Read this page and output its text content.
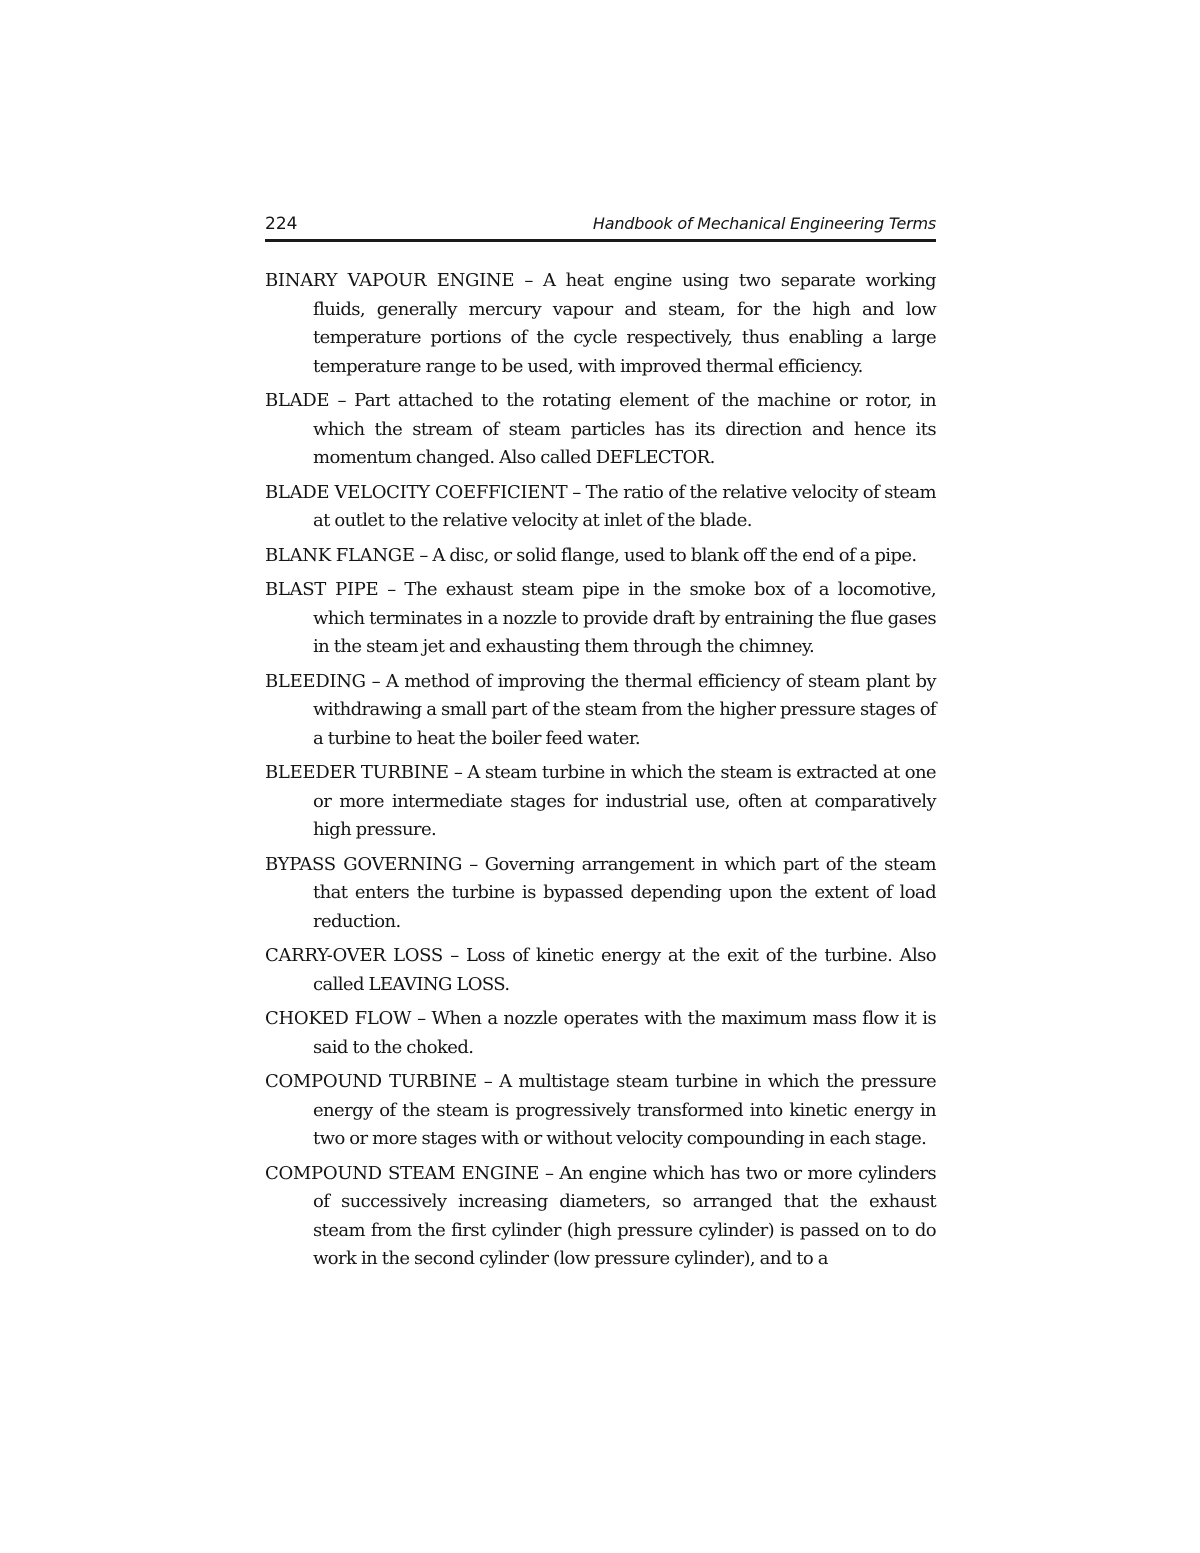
224	Handbook of Mechanical Engineering Terms

BINARY VAPOUR ENGINE – A heat engine using two separate working fluids, generally mercury vapour and steam, for the high and low temperature portions of the cycle respectively, thus enabling a large temperature range to be used, with improved thermal efficiency.

BLADE – Part attached to the rotating element of the machine or rotor, in which the stream of steam particles has its direction and hence its momentum changed. Also called DEFLECTOR.

BLADE VELOCITY COEFFICIENT – The ratio of the relative velocity of steam at outlet to the relative velocity at inlet of the blade.

BLANK FLANGE – A disc, or solid flange, used to blank off the end of a pipe.

BLAST PIPE – The exhaust steam pipe in the smoke box of a locomotive, which terminates in a nozzle to provide draft by entraining the flue gases in the steam jet and exhausting them through the chimney.

BLEEDING – A method of improving the thermal efficiency of steam plant by withdrawing a small part of the steam from the higher pressure stages of a turbine to heat the boiler feed water.

BLEEDER TURBINE – A steam turbine in which the steam is extracted at one or more intermediate stages for industrial use, often at comparatively high pressure.

BYPASS GOVERNING – Governing arrangement in which part of the steam that enters the turbine is bypassed depending upon the extent of load reduction.

CARRY-OVER LOSS – Loss of kinetic energy at the exit of the turbine. Also called LEAVING LOSS.

CHOKED FLOW – When a nozzle operates with the maximum mass flow it is said to the choked.

COMPOUND TURBINE – A multistage steam turbine in which the pressure energy of the steam is progressively transformed into kinetic energy in two or more stages with or without velocity compounding in each stage.

COMPOUND STEAM ENGINE – An engine which has two or more cylinders of successively increasing diameters, so arranged that the exhaust steam from the first cylinder (high pressure cylinder) is passed on to do work in the second cylinder (low pressure cylinder), and to a
